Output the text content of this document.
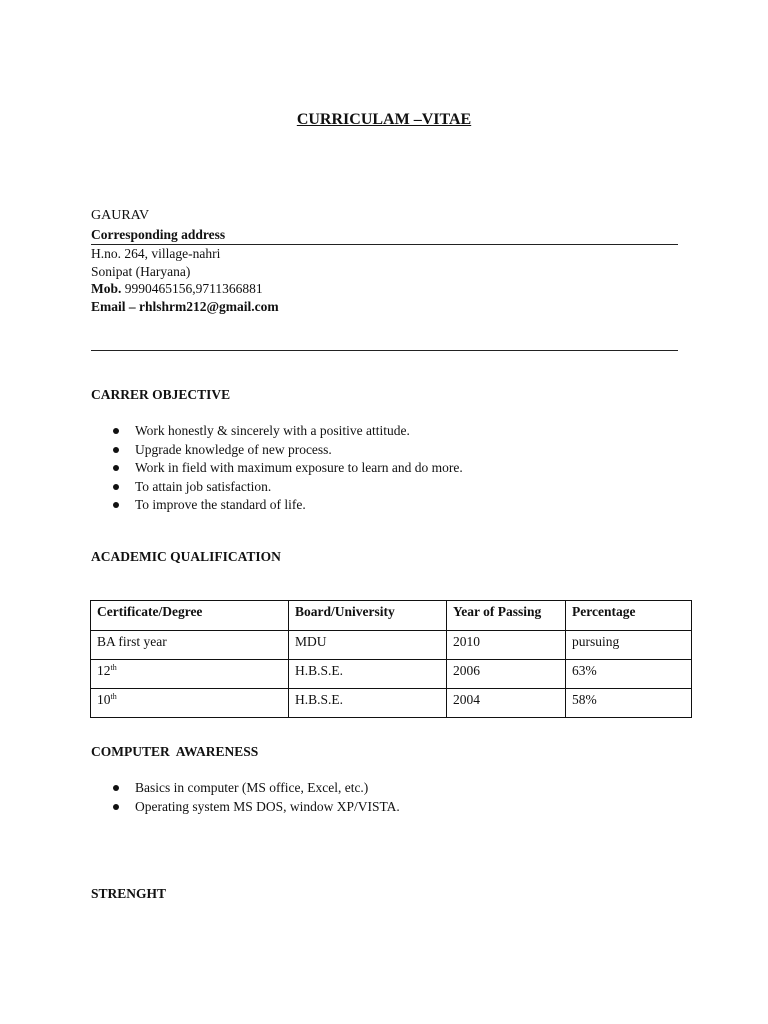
CURRICULAM –VITAE
GAURAV
Corresponding address
H.no. 264, village-nahri
Sonipat (Haryana)
Mob. 9990465156,9711366881
Email – rhlshrm212@gmail.com
CARRER OBJECTIVE
Work honestly & sincerely with a positive attitude.
Upgrade knowledge of new process.
Work in field with maximum exposure to learn and do more.
To attain job satisfaction.
To improve the standard of life.
ACADEMIC QUALIFICATION
Certificate/Degree	Board/University	Year of Passing	Percentage
BA first year	MDU	2010	pursuing
12th	H.B.S.E.	2006	63%
10th	H.B.S.E.	2004	58%
COMPUTER  AWARENESS
Basics in computer (MS office, Excel, etc.)
Operating system MS DOS, window XP/VISTA.
STRENGHT
